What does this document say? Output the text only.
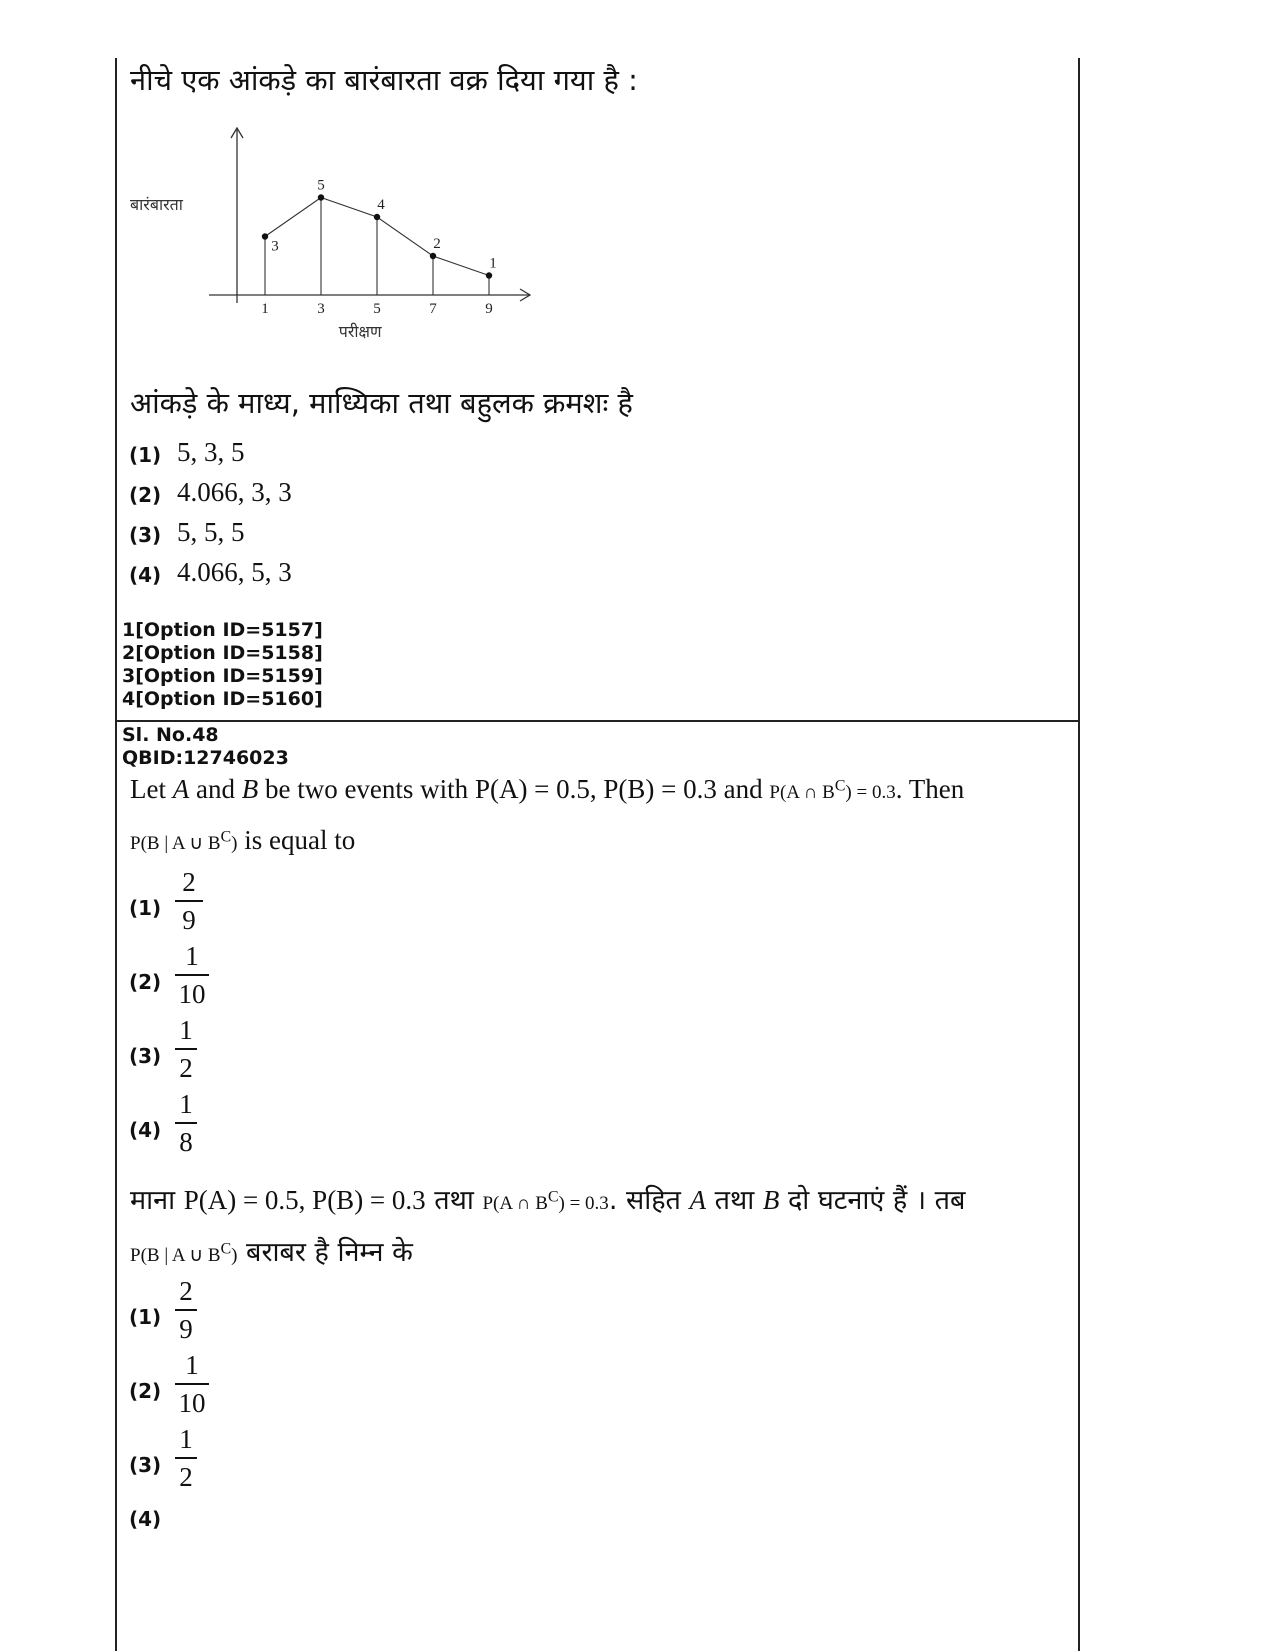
नीचे एक आंकड़े का बारंबारता वक्र दिया गया है :
बारंबारता
परीक्षण
3
1
5
3
4
5
2
7
1
9
आंकड़े के माध्य, माध्यिका तथा बहुलक क्रमशः है
(1) 5, 3, 5
(2) 4.066, 3, 3
(3) 5, 5, 5
(4) 4.066, 5, 3
1[Option ID=5157]
2[Option ID=5158]
3[Option ID=5159]
4[Option ID=5160]
Sl. No.48
QBID:12746023
Let A and B be two events with P(A) = 0.5, P(B) = 0.3 and P(A ∩ $B^C) = 0.3$. Then
P(B | A ∪ $B^C$) is equal to
(1)
2
9
(2)
1
10
(3)
1
2
(4)
1
8
माना P(A) = 0.5, P(B) = 0.3 तथा P(A ∩ $B^C) = 0.3$. सहित A तथा B दो घटनाएं हैं । तब
P(B | A ∪ $B^C$) बराबर है निम्न के
(1)
2
9
(2)
1
10
(3)
1
2
(4)
